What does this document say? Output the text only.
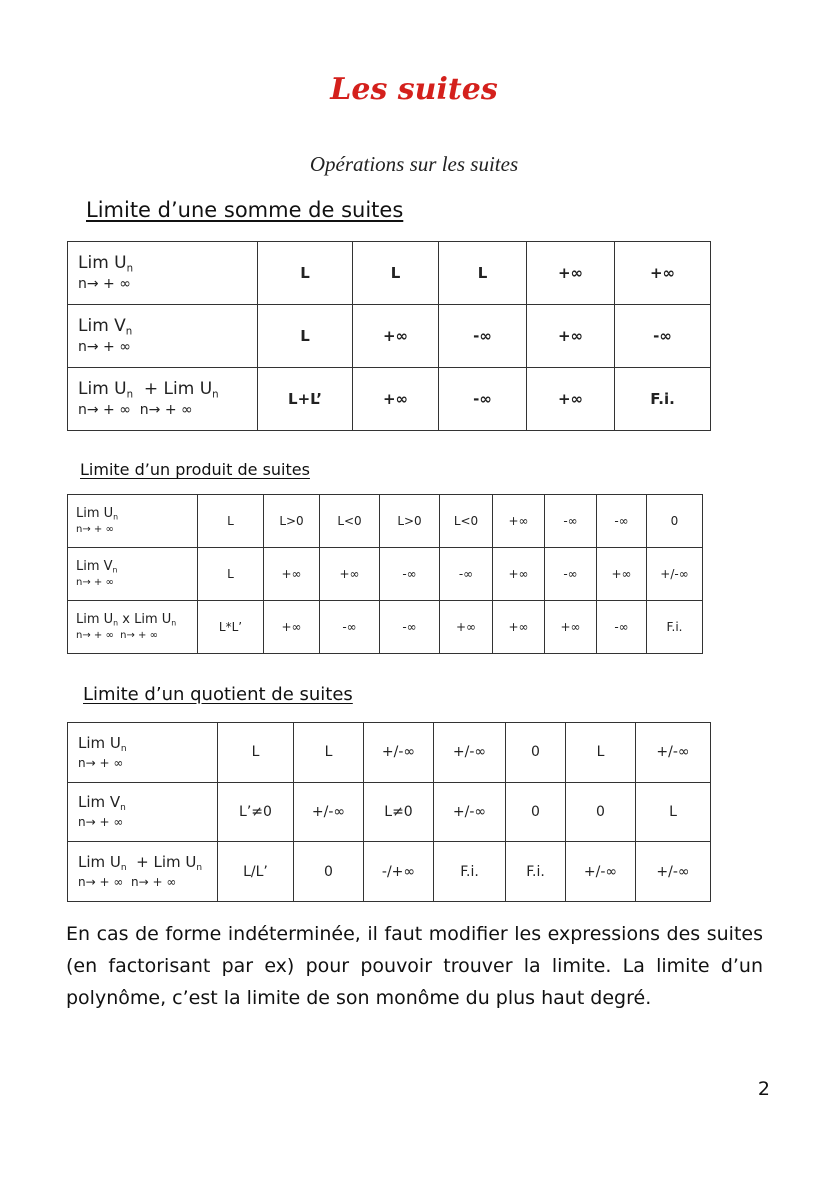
Les suites
Opérations sur les suites
Limite d’une somme de suites
Lim $U_n$
n→ + ∞	L	L	L	+∞	+∞

Lim $V_n$
n→ + ∞	L	+∞	-∞	+∞	-∞

Lim $U_n$  + Lim $U_n$
n→ + ∞  n→ + ∞	L+L’	+∞	-∞	+∞	F.i.
Limite d’un produit de suites
Lim $U_n$
n→ + ∞	L	L>0	L<0	L>0	L<0	+∞	-∞	-∞	0

Lim $V_n$
n→ + ∞	L	+∞	+∞	-∞	-∞	+∞	-∞	+∞	+/-∞

Lim $U_n$ x Lim $U_n$
n→ + ∞  n→ + ∞	L*L’	+∞	-∞	-∞	+∞	+∞	+∞	-∞	F.i.
Limite d’un quotient de suites
Lim $U_n$
n→ + ∞	L	L	+/-∞	+/-∞	0	L	+/-∞

Lim $V_n$
n→ + ∞	L’≠0	+/-∞	L≠0	+/-∞	0	0	L

Lim $U_n$  + Lim $U_n$
n→ + ∞  n→ + ∞	L/L’	0	-/+∞	F.i.	F.i.	+/-∞	+/-∞
En cas de forme indéterminée, il faut modifier les expressions des suites (en factorisant par ex) pour pouvoir trouver la limite. La limite d’un polynôme, c’est la limite de son monôme du plus haut degré.
2
